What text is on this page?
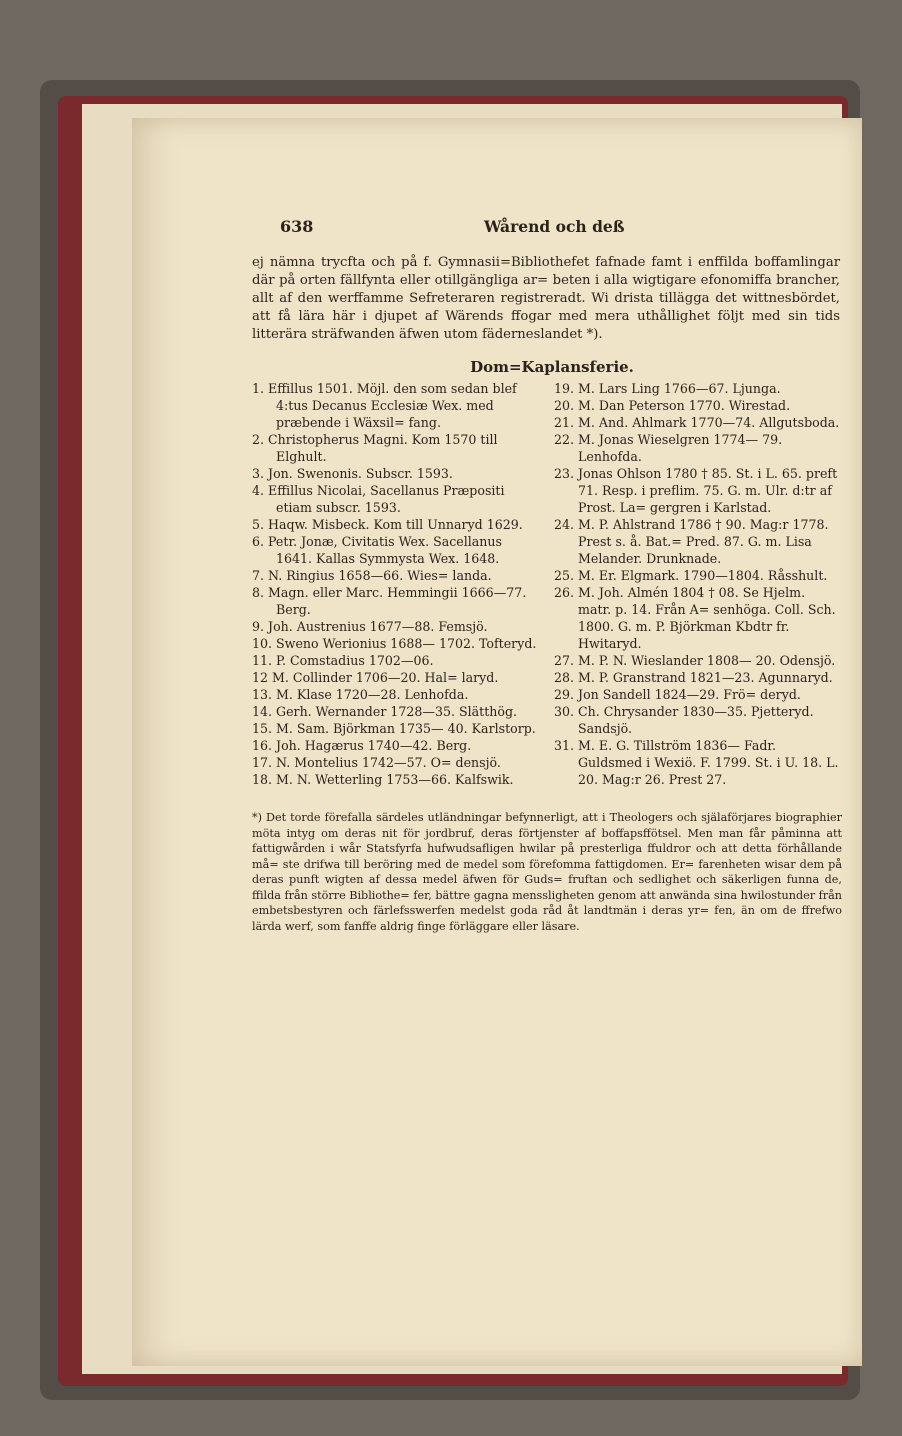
638	Wårend och deß

ej nämna trycfta och på f. Gymnasii=Bibliothefet fafnade famt i enffilda boffamlingar där på orten fällfynta eller otillgängliga ar= beten i alla wigtigare efonomiffa brancher, allt af den werffamme Sefreteraren registreradt. Wi drista tillägga det wittnesbördet, att få lära här i djupet af Wärends ffogar med mera uthållighet följt med sin tids litterära sträfwanden äfwen utom fäderneslandet *).

Dom=Kaplansferie.

1. Effillus 1501. Möjl. den som sedan blef 4:tus Decanus Ecclesiæ Wex. med præbende i Wäxsil= fang.

2. Christopherus Magni. Kom 1570 till Elghult.

3. Jon. Swenonis. Subscr. 1593.

4. Effillus Nicolai, Sacellanus Præpositi etiam subscr. 1593.

5. Haqw. Misbeck. Kom till Unnaryd 1629.

6. Petr. Jonæ, Civitatis Wex. Sacellanus 1641. Kallas Symmysta Wex. 1648.

7. N. Ringius 1658—66. Wies= landa.

8. Magn. eller Marc. Hemmingii 1666—77. Berg.

9. Joh. Austrenius 1677—88. Femsjö.

10. Sweno Werionius 1688— 1702. Tofteryd.

11. P. Comstadius 1702—06.

12 M. Collinder 1706—20. Hal= laryd.

13. M. Klase 1720—28. Lenhofda.

14. Gerh. Wernander 1728—35. Slätthög.

15. M. Sam. Björkman 1735— 40. Karlstorp.

16. Joh. Hagærus 1740—42. Berg.

17. N. Montelius 1742—57. O= densjö.

18. M. N. Wetterling 1753—66. Kalfswik.

19. M. Lars Ling 1766—67. Ljunga.

20. M. Dan Peterson 1770. Wirestad.

21. M. And. Ahlmark 1770—74. Allgutsboda.

22. M. Jonas Wieselgren 1774— 79. Lenhofda.

23. Jonas Ohlson 1780 † 85. St. i L. 65. preft 71. Resp. i preflim. 75. G. m. Ulr. d:tr af Prost. La= gergren i Karlstad.

24. M. P. Ahlstrand 1786 † 90. Mag:r 1778. Prest s. å. Bat.= Pred. 87. G. m. Lisa Melander. Drunknade.

25. M. Er. Elgmark. 1790—1804. Råsshult.

26. M. Joh. Almén 1804 † 08. Se Hjelm. matr. p. 14. Från A= senhöga. Coll. Sch. 1800. G. m. P. Björkman Kbdtr fr. Hwitaryd.

27. M. P. N. Wieslander 1808— 20. Odensjö.

28. M. P. Granstrand 1821—23. Agunnaryd.

29. Jon Sandell 1824—29. Frö= deryd.

30. Ch. Chrysander 1830—35. Pjetteryd. Sandsjö.

31. M. E. G. Tillström 1836— Fadr. Guldsmed i Wexiö. F. 1799. St. i U. 18. L. 20. Mag:r 26. Prest 27.

*) Det torde förefalla särdeles utländningar befynnerligt, att i Theologers och själaförjares biographier möta intyg om deras nit för jordbruf, deras förtjenster af boffapsffötsel. Men man får påminna att fattigwården i wår Statsfyrfa hufwudsafligen hwilar på presterliga ffuldror och att detta förhållande må= ste drifwa till beröring med de medel som förefomma fattigdomen. Er= farenheten wisar dem på deras punft wigten af dessa medel äfwen för Guds= fruftan och sedlighet och säkerligen funna de, ffilda från större Bibliothe= fer, bättre gagna menssligheten genom att anwända sina hwilostunder från embetsbestyren och färlefsswerfen medelst goda råd åt landtmän i deras yr= fen, än om de ffrefwo lärda werf, som fanffe aldrig finge förläggare eller läsare.
